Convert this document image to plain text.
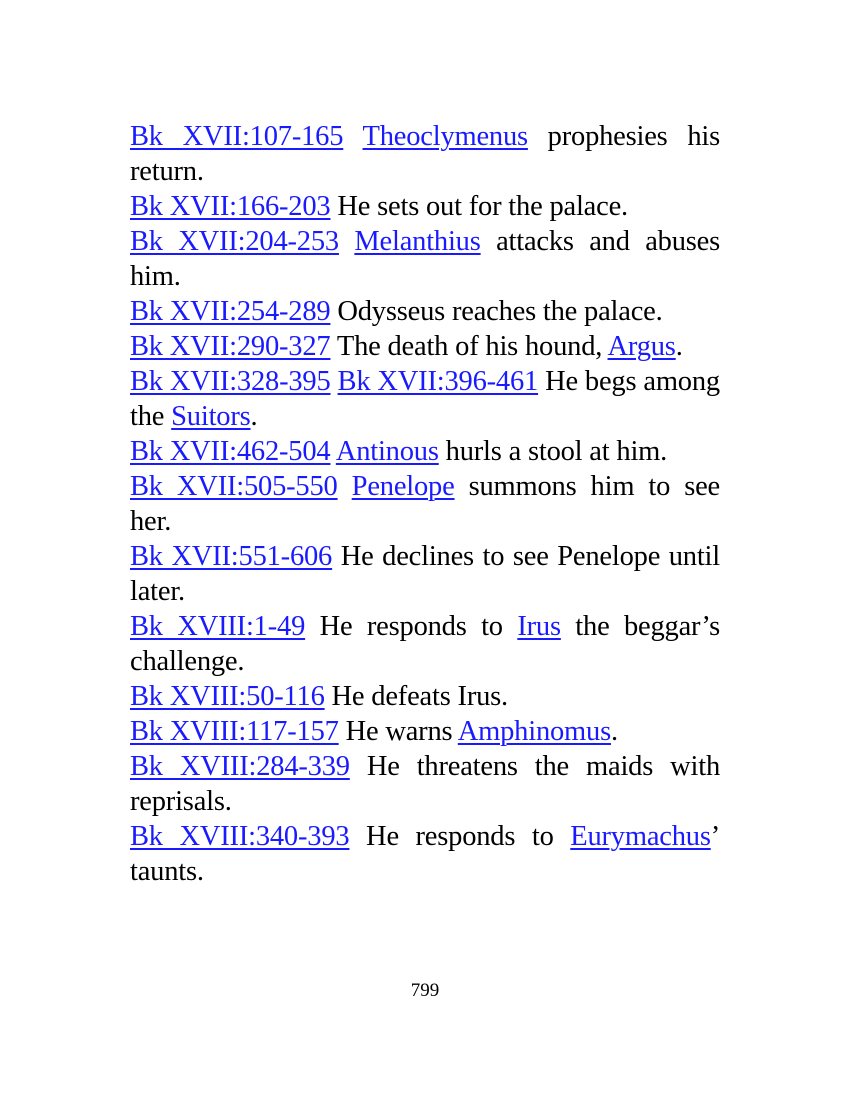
Bk XVII:107-165 Theoclymenus prophesies his return.

Bk XVII:166-203 He sets out for the palace.

Bk XVII:204-253 Melanthius attacks and abuses him.

Bk XVII:254-289 Odysseus reaches the palace.

Bk XVII:290-327 The death of his hound, Argus.

Bk XVII:328-395 Bk XVII:396-461 He begs among the Suitors.

Bk XVII:462-504 Antinous hurls a stool at him.

Bk XVII:505-550 Penelope summons him to see her.

Bk XVII:551-606 He declines to see Penelope until later.

Bk XVIII:1-49 He responds to Irus the beggar’s challenge.

Bk XVIII:50-116 He defeats Irus.

Bk XVIII:117-157 He warns Amphinomus.

Bk XVIII:284-339 He threatens the maids with reprisals.

Bk XVIII:340-393 He responds to Eurymachus’ taunts.

799
